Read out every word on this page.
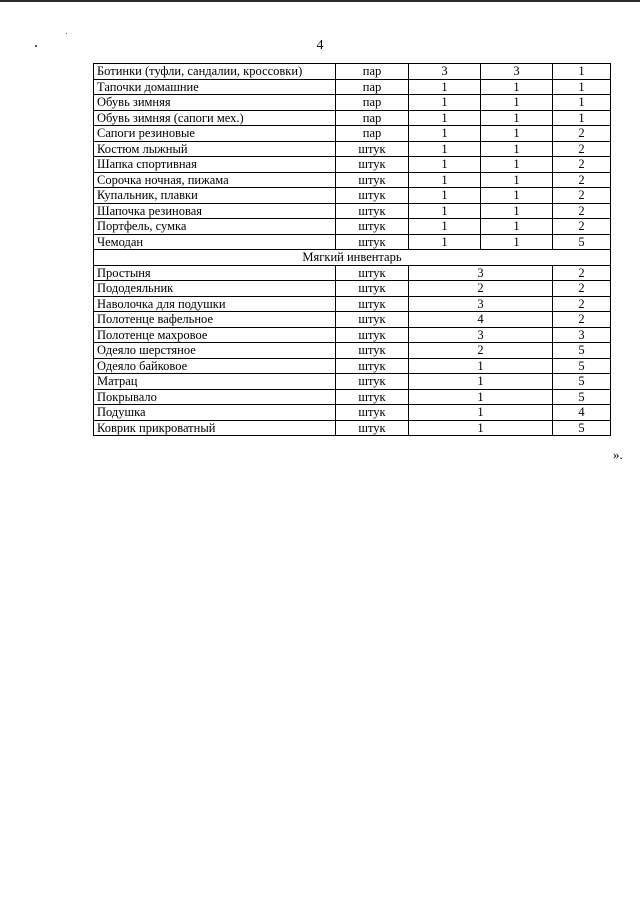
4
Ботинки (туфли, сандалии, кроссовки)	пар	3	3	1
Тапочки домашние	пар	1	1	1
Обувь зимняя	пар	1	1	1
Обувь зимняя (сапоги мех.)	пар	1	1	1
Сапоги резиновые	пар	1	1	2
Костюм лыжный	штук	1	1	2
Шапка спортивная	штук	1	1	2
Сорочка ночная, пижама	штук	1	1	2
Купальник, плавки	штук	1	1	2
Шапочка резиновая	штук	1	1	2
Портфель, сумка	штук	1	1	2
Чемодан	штук	1	1	5
Мягкий инвентарь				
Простыня	штук	3		2
Пододеяльник	штук	2		2
Наволочка для подушки	штук	3		2
Полотенце вафельное	штук	4		2
Полотенце махровое	штук	3		3
Одеяло шерстяное	штук	2		5
Одеяло байковое	штук	1		5
Матрац	штук	1		5
Покрывало	штук	1		5
Подушка	штук	1		4
Коврик прикроватный	штук	1		5
».
